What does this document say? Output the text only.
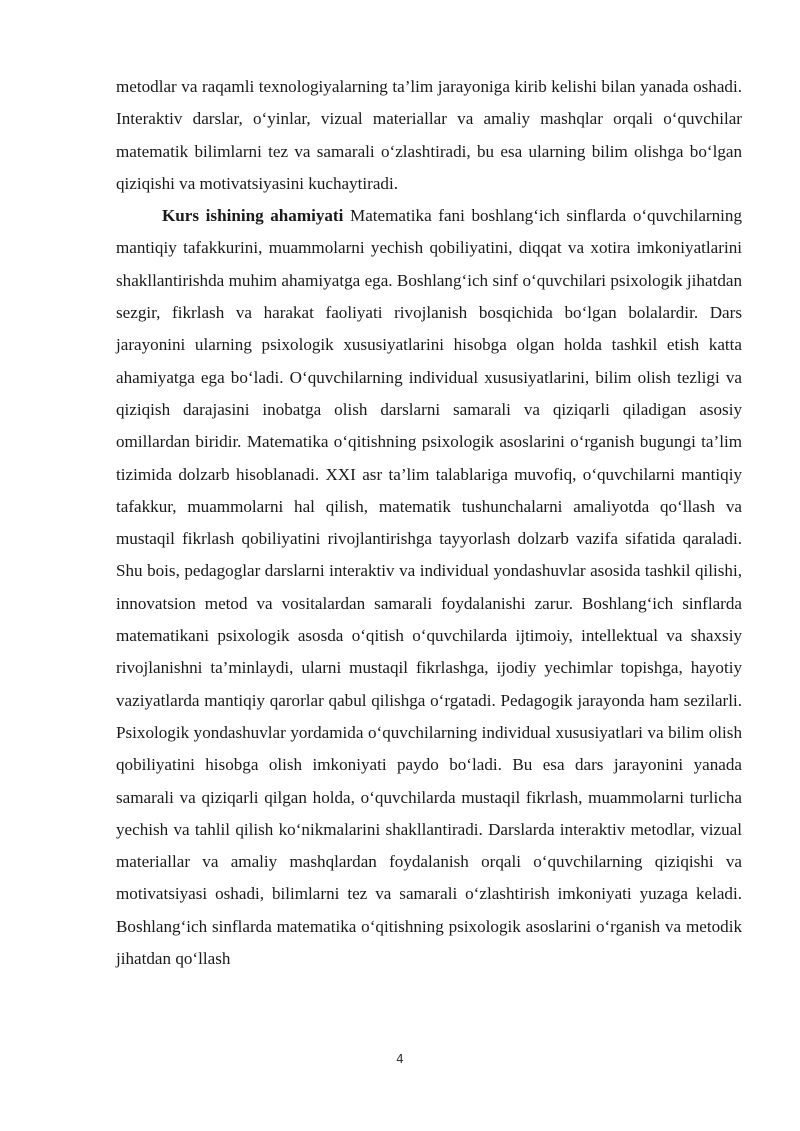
metodlar va raqamli texnologiyalarning ta’lim jarayoniga kirib kelishi bilan yanada oshadi. Interaktiv darslar, o‘yinlar, vizual materiallar va amaliy mashqlar orqali o‘quvchilar matematik bilimlarni tez va samarali o‘zlashtiradi, bu esa ularning bilim olishga bo‘lgan qiziqishi va motivatsiyasini kuchaytiradi.

Kurs ishining ahamiyati Matematika fani boshlang‘ich sinflarda o‘quvchilarning mantiqiy tafakkurini, muammolarni yechish qobiliyatini, diqqat va xotira imkoniyatlarini shakllantirishda muhim ahamiyatga ega. Boshlang‘ich sinf o‘quvchilari psixologik jihatdan sezgir, fikrlash va harakat faoliyati rivojlanish bosqichida bo‘lgan bolalardir. Dars jarayonini ularning psixologik xususiyatlarini hisobga olgan holda tashkil etish katta ahamiyatga ega bo‘ladi. O‘quvchilarning individual xususiyatlarini, bilim olish tezligi va qiziqish darajasini inobatga olish darslarni samarali va qiziqarli qiladigan asosiy omillardan biridir. Matematika o‘qitishning psixologik asoslarini o‘rganish bugungi ta’lim tizimida dolzarb hisoblanadi. XXI asr ta’lim talablariga muvofiq, o‘quvchilarni mantiqiy tafakkur, muammolarni hal qilish, matematik tushunchalarni amaliyotda qo‘llash va mustaqil fikrlash qobiliyatini rivojlantirishga tayyorlash dolzarb vazifa sifatida qaraladi. Shu bois, pedagoglar darslarni interaktiv va individual yondashuvlar asosida tashkil qilishi, innovatsion metod va vositalardan samarali foydalanishi zarur. Boshlang‘ich sinflarda matematikani psixologik asosda o‘qitish o‘quvchilarda ijtimoiy, intellektual va shaxsiy rivojlanishni ta’minlaydi, ularni mustaqil fikrlashga, ijodiy yechimlar topishga, hayotiy vaziyatlarda mantiqiy qarorlar qabul qilishga o‘rgatadi. Pedagogik jarayonda ham sezilarli. Psixologik yondashuvlar yordamida o‘quvchilarning individual xususiyatlari va bilim olish qobiliyatini hisobga olish imkoniyati paydo bo‘ladi. Bu esa dars jarayonini yanada samarali va qiziqarli qilgan holda, o‘quvchilarda mustaqil fikrlash, muammolarni turlicha yechish va tahlil qilish ko‘nikmalarini shakllantiradi. Darslarda interaktiv metodlar, vizual materiallar va amaliy mashqlardan foydalanish orqali o‘quvchilarning qiziqishi va motivatsiyasi oshadi, bilimlarni tez va samarali o‘zlashtirish imkoniyati yuzaga keladi. Boshlang‘ich sinflarda matematika o‘qitishning psixologik asoslarini o‘rganish va metodik jihatdan qo‘llash

4
